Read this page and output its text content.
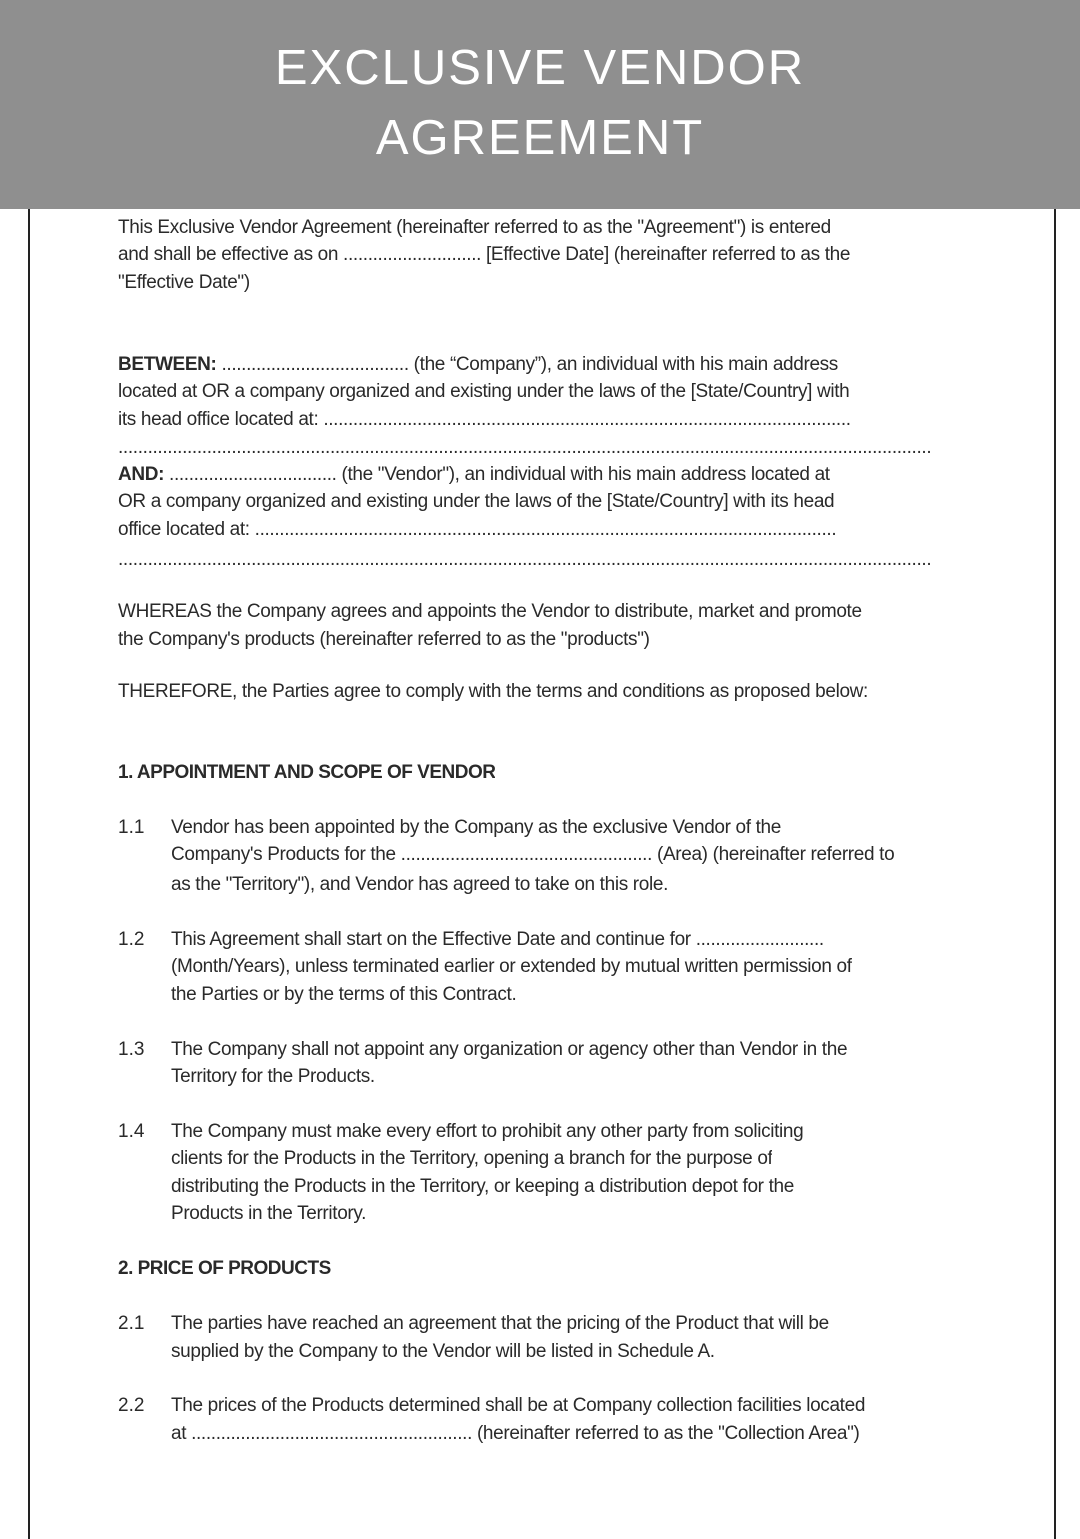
EXCLUSIVE VENDOR
AGREEMENT
This Exclusive Vendor Agreement (hereinafter referred to as the "Agreement") is entered
and shall be effective as on ............................ [Effective Date] (hereinafter referred to as the
"Effective Date")
BETWEEN: ...................................... (the “Company”), an individual with his main address
located at OR a company organized and existing under the laws of the [State/Country] with
its head office located at: ...........................................................................................................
.....................................................................................................................................................................
AND: .................................. (the "Vendor"), an individual with his main address located at
OR a company organized and existing under the laws of the [State/Country] with its head
office located at: ......................................................................................................................
.....................................................................................................................................................................
WHEREAS the Company agrees and appoints the Vendor to distribute, market and promote
the Company's products (hereinafter referred to as the "products")
THEREFORE, the Parties agree to comply with the terms and conditions as proposed below:
1. APPOINTMENT AND SCOPE OF VENDOR
1.1 Vendor has been appointed by the Company as the exclusive Vendor of the
Company's Products for the ................................................... (Area) (hereinafter referred to
as the "Territory"), and Vendor has agreed to take on this role.
1.2 This Agreement shall start on the Effective Date and continue for ..........................
(Month/Years), unless terminated earlier or extended by mutual written permission of
the Parties or by the terms of this Contract.
1.3 The Company shall not appoint any organization or agency other than Vendor in the
Territory for the Products.
1.4 The Company must make every effort to prohibit any other party from soliciting
clients for the Products in the Territory, opening a branch for the purpose of
distributing the Products in the Territory, or keeping a distribution depot for the
Products in the Territory.
2. PRICE OF PRODUCTS
2.1 The parties have reached an agreement that the pricing of the Product that will be
supplied by the Company to the Vendor will be listed in Schedule A.
2.2 The prices of the Products determined shall be at Company collection facilities located
at ......................................................... (hereinafter referred to as the "Collection Area")
